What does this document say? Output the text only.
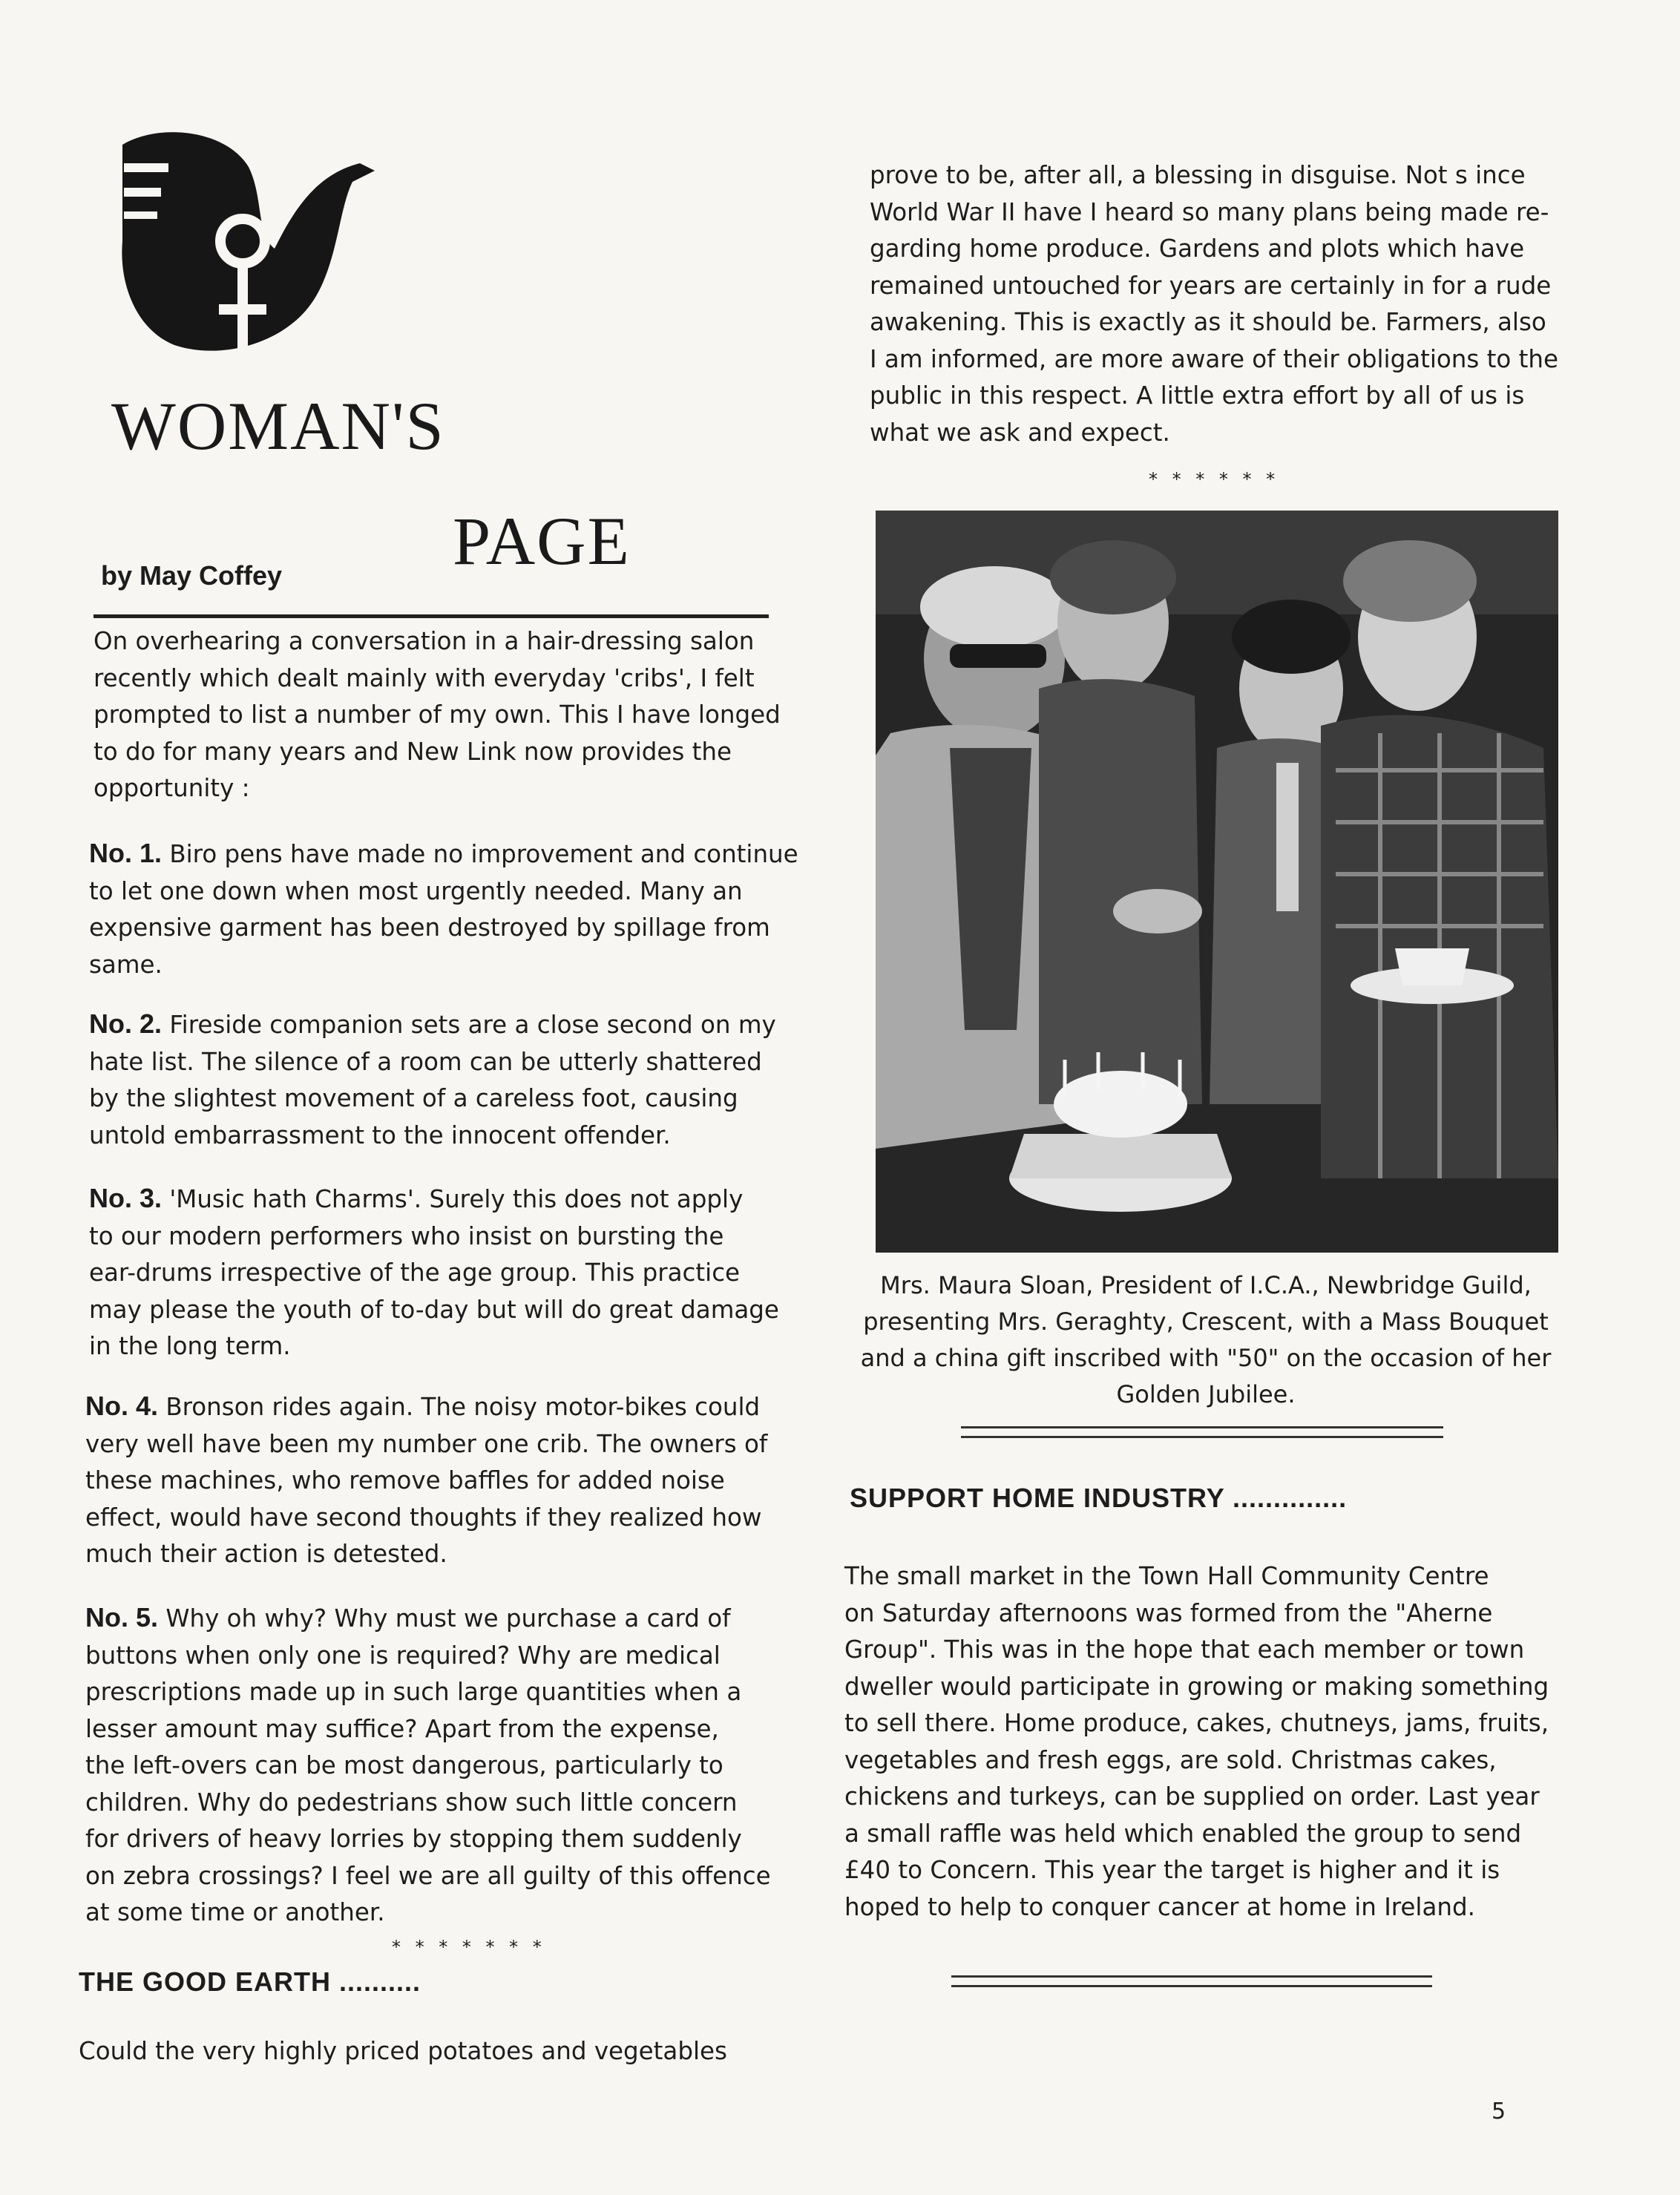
WOMAN'S
PAGE
by May Coffey
On overhearing a conversation in a hair-dressing salon
recently which dealt mainly with everyday 'cribs', I felt
prompted to list a number of my own. This I have longed
to do for many years and New Link now provides the
opportunity :
No. 1. Biro pens have made no improvement and continue
to let one down when most urgently needed. Many an
expensive garment has been destroyed by spillage from
same.
No. 2. Fireside companion sets are a close second on my
hate list. The silence of a room can be utterly shattered
by the slightest movement of a careless foot, causing
untold embarrassment to the innocent offender.
No. 3. 'Music hath Charms'. Surely this does not apply
to our modern performers who insist on bursting the
ear-drums irrespective of the age group. This practice
may please the youth of to-day but will do great damage
in the long term.
No. 4. Bronson rides again. The noisy motor-bikes could
very well have been my number one crib. The owners of
these machines, who remove baffles for added noise
effect, would have second thoughts if they realized how
much their action is detested.
No. 5. Why oh why? Why must we purchase a card of
buttons when only one is required? Why are medical
prescriptions made up in such large quantities when a
lesser amount may suffice? Apart from the expense,
the left-overs can be most dangerous, particularly to
children. Why do pedestrians show such little concern
for drivers of heavy lorries by stopping them suddenly
on zebra crossings? I feel we are all guilty of this offence
at some time or another.
* * * * * * *
THE GOOD EARTH ..........
Could the very highly priced potatoes and vegetables
prove to be, after all, a blessing in disguise. Not s ince
World War II have I heard so many plans being made re-
garding home produce. Gardens and plots which have
remained untouched for years are certainly in for a rude
awakening. This is exactly as it should be. Farmers, also
I am informed, are more aware of their obligations to the
public in this respect. A little extra effort by all of us is
what we ask and expect.
* * * * * *
Mrs. Maura Sloan, President of I.C.A., Newbridge Guild,
presenting Mrs. Geraghty, Crescent, with a Mass Bouquet
and a china gift inscribed with "50" on the occasion of her
Golden Jubilee.
SUPPORT HOME INDUSTRY ..............
The small market in the Town Hall Community Centre
on Saturday afternoons was formed from the "Aherne
Group". This was in the hope that each member or town
dweller would participate in growing or making something
to sell there. Home produce, cakes, chutneys, jams, fruits,
vegetables and fresh eggs, are sold. Christmas cakes,
chickens and turkeys, can be supplied on order. Last year
a small raffle was held which enabled the group to send
£40 to Concern. This year the target is higher and it is
hoped to help to conquer cancer at home in Ireland.
5
